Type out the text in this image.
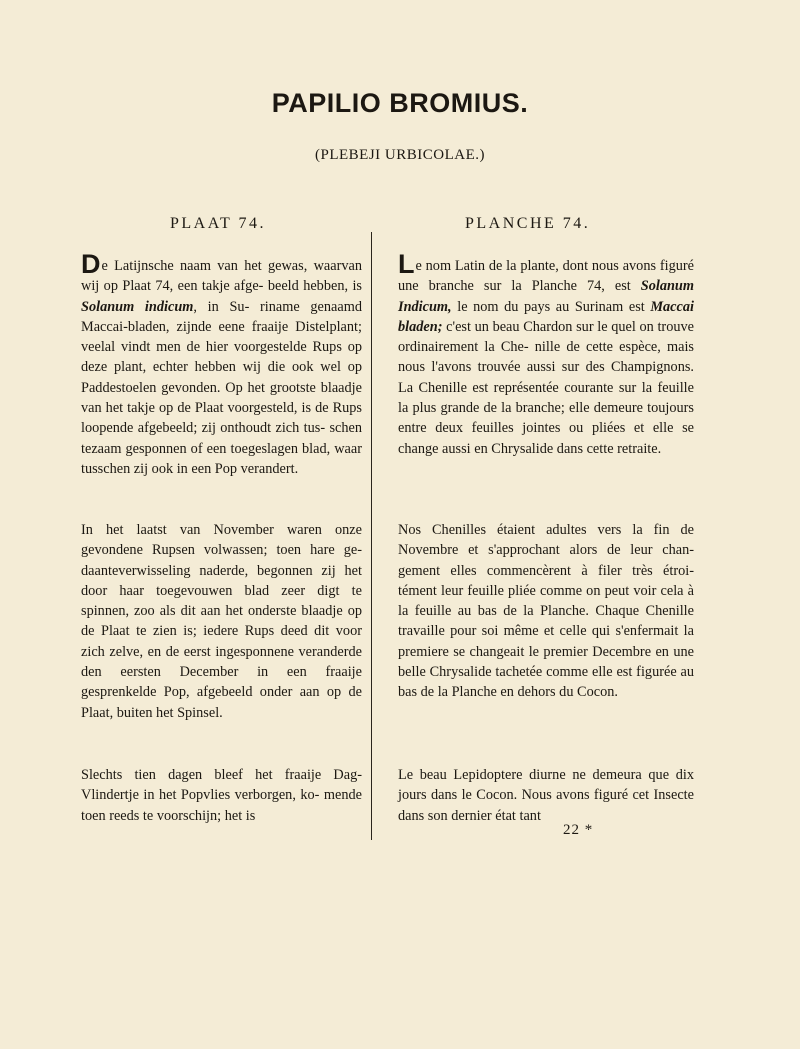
PAPILIO BROMIUS.
(PLEBEJI URBICOLAE.)
PLAAT 74.	PLANCHE 74.

De Latijnsche naam van het gewas, waarvan wij op Plaat 74, een takje afge- beeld hebben, is Solanum indicum, in Su- riname genaamd Maccai-bladen, zijnde eene fraaije Distelplant; veelal vindt men de hier voorgestelde Rups op deze plant, echter hebben wij die ook wel op Paddestoelen gevonden. Op het grootste blaadje van het takje op de Plaat voorgesteld, is de Rups loopende afgebeeld; zij onthoudt zich tus- schen tezaam gesponnen of een toegeslagen blad, waar tusschen zij ook in een Pop verandert.

In het laatst van November waren onze gevondene Rupsen volwassen; toen hare ge- daanteverwisseling naderde, begonnen zij het door haar toegevouwen blad zeer digt te spinnen, zoo als dit aan het onderste blaadje op de Plaat te zien is; iedere Rups deed dit voor zich zelve, en de eerst ingesponnene veranderde den eersten December in een fraaije gesprenkelde Pop, afgebeeld onder aan op de Plaat, buiten het Spinsel.

Slechts tien dagen bleef het fraaije Dag- Vlindertje in het Popvlies verborgen, ko- mende toen reeds te voorschijn; het is

Le nom Latin de la plante, dont nous avons figuré une branche sur la Planche 74, est Solanum Indicum, le nom du pays au Surinam est Maccai bladen; c'est un beau Chardon sur le quel on trouve ordinairement la Che- nille de cette espèce, mais nous l'avons trouvée aussi sur des Champignons. La Chenille est représentée courante sur la feuille la plus grande de la branche; elle demeure toujours entre deux feuilles jointes ou pliées et elle se change aussi en Chrysalide dans cette retraite.

Nos Chenilles étaient adultes vers la fin de Novembre et s'approchant alors de leur chan- gement elles commencèrent à filer très étroi- tément leur feuille pliée comme on peut voir cela à la feuille au bas de la Planche. Chaque Chenille travaille pour soi même et celle qui s'enfermait la premiere se changeait le premier Decembre en une belle Chrysalide tachetée comme elle est figurée au bas de la Planche en dehors du Cocon.

Le beau Lepidoptere diurne ne demeura que dix jours dans le Cocon. Nous avons figuré cet Insecte dans son dernier état tant

22 *
